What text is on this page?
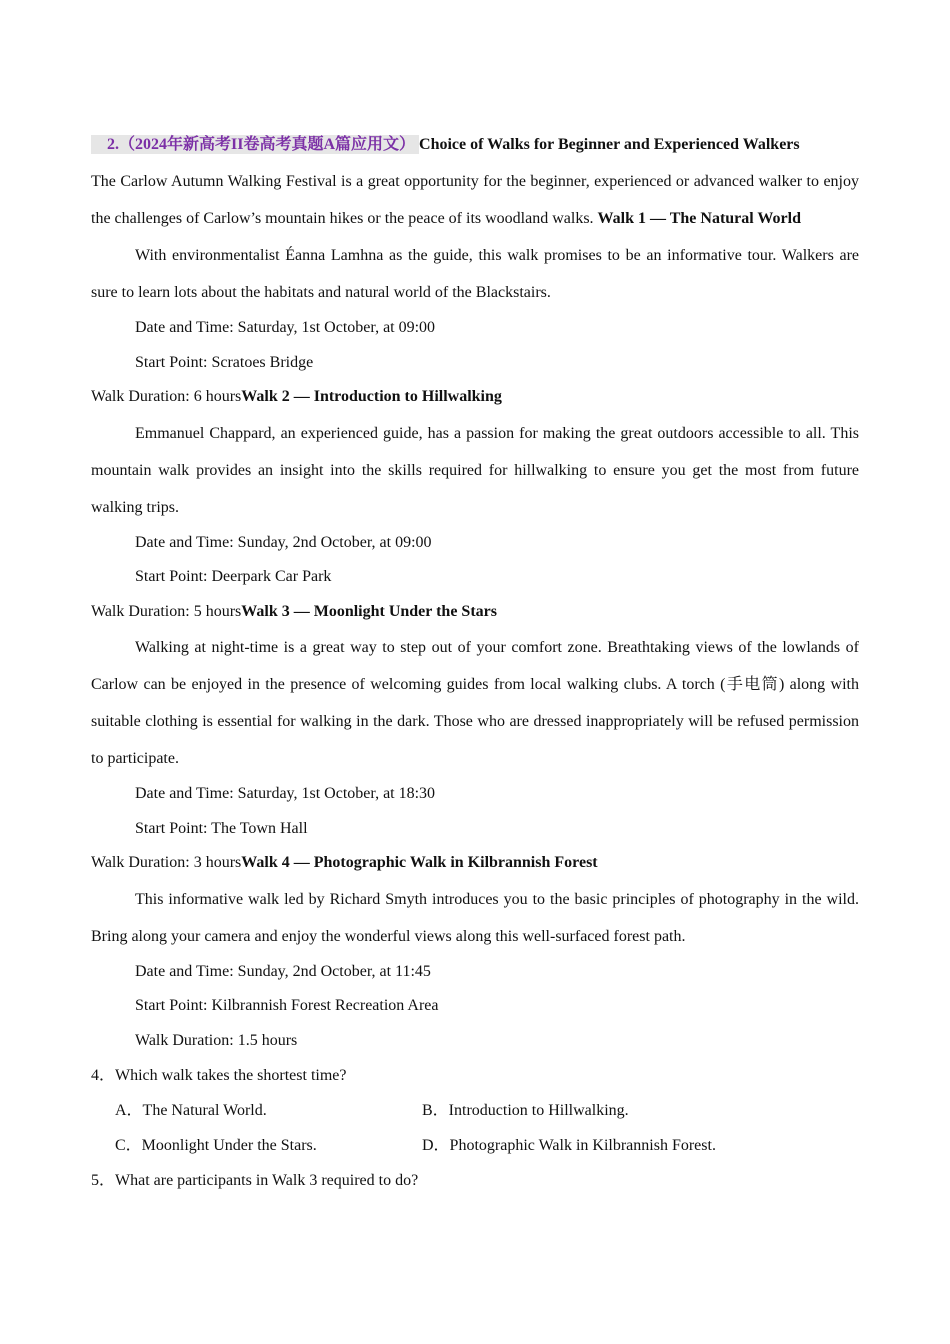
2.（2024年新高考II卷高考真题A篇应用文） Choice of Walks for Beginner and Experienced Walkers

The Carlow Autumn Walking Festival is a great opportunity for the beginner, experienced or advanced walker to enjoy the challenges of Carlow’s mountain hikes or the peace of its woodland walks. Walk 1 — The Natural World

With environmentalist Éanna Lamhna as the guide, this walk promises to be an informative tour. Walkers are sure to learn lots about the habitats and natural world of the Blackstairs.

Date and Time: Saturday, 1st October, at 09:00

Start Point: Scratoes Bridge

Walk Duration: 6 hoursWalk 2 — Introduction to Hillwalking

Emmanuel Chappard, an experienced guide, has a passion for making the great outdoors accessible to all. This mountain walk provides an insight into the skills required for hillwalking to ensure you get the most from future walking trips.

Date and Time: Sunday, 2nd October, at 09:00

Start Point: Deerpark Car Park

Walk Duration: 5 hoursWalk 3 — Moonlight Under the Stars

Walking at night-time is a great way to step out of your comfort zone. Breathtaking views of the lowlands of Carlow can be enjoyed in the presence of welcoming guides from local walking clubs. A torch (手电筒) along with suitable clothing is essential for walking in the dark. Those who are dressed inappropriately will be refused permission to participate.

Date and Time: Saturday, 1st October, at 18:30

Start Point: The Town Hall

Walk Duration: 3 hoursWalk 4 — Photographic Walk in Kilbrannish Forest

This informative walk led by Richard Smyth introduces you to the basic principles of photography in the wild. Bring along your camera and enjoy the wonderful views along this well-surfaced forest path.

Date and Time: Sunday, 2nd October, at 11:45

Start Point: Kilbrannish Forest Recreation Area

Walk Duration: 1.5 hours

4．Which walk takes the shortest time?

A．The Natural World.	B．Introduction to Hillwalking.
C．Moonlight Under the Stars.	D．Photographic Walk in Kilbrannish Forest.

5．What are participants in Walk 3 required to do?
